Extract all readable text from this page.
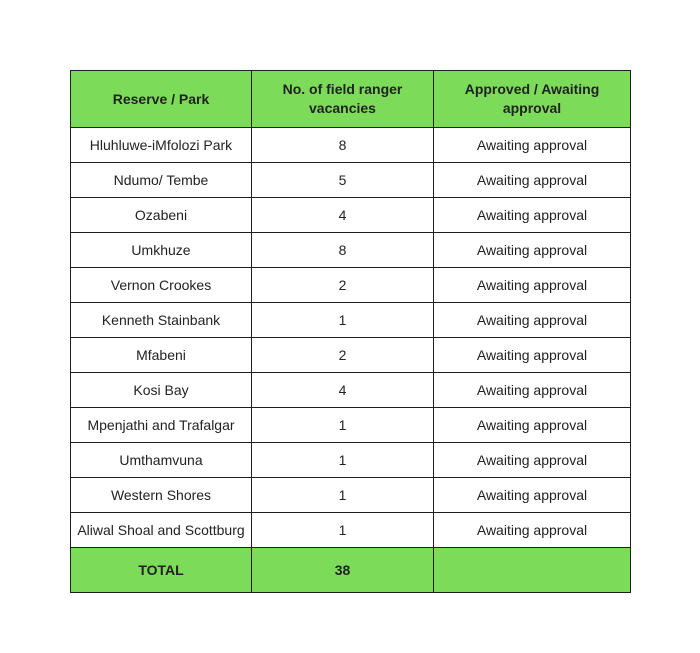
Reserve / Park	No. of field ranger vacancies	Approved / Awaiting approval
Hluhluwe-iMfolozi Park	8	Awaiting approval
Ndumo/ Tembe	5	Awaiting approval
Ozabeni	4	Awaiting approval
Umkhuze	8	Awaiting approval
Vernon Crookes	2	Awaiting approval
Kenneth Stainbank	1	Awaiting approval
Mfabeni	2	Awaiting approval
Kosi Bay	4	Awaiting approval
Mpenjathi and Trafalgar	1	Awaiting approval
Umthamvuna	1	Awaiting approval
Western Shores	1	Awaiting approval
Aliwal Shoal and Scottburg	1	Awaiting approval
TOTAL	38	
